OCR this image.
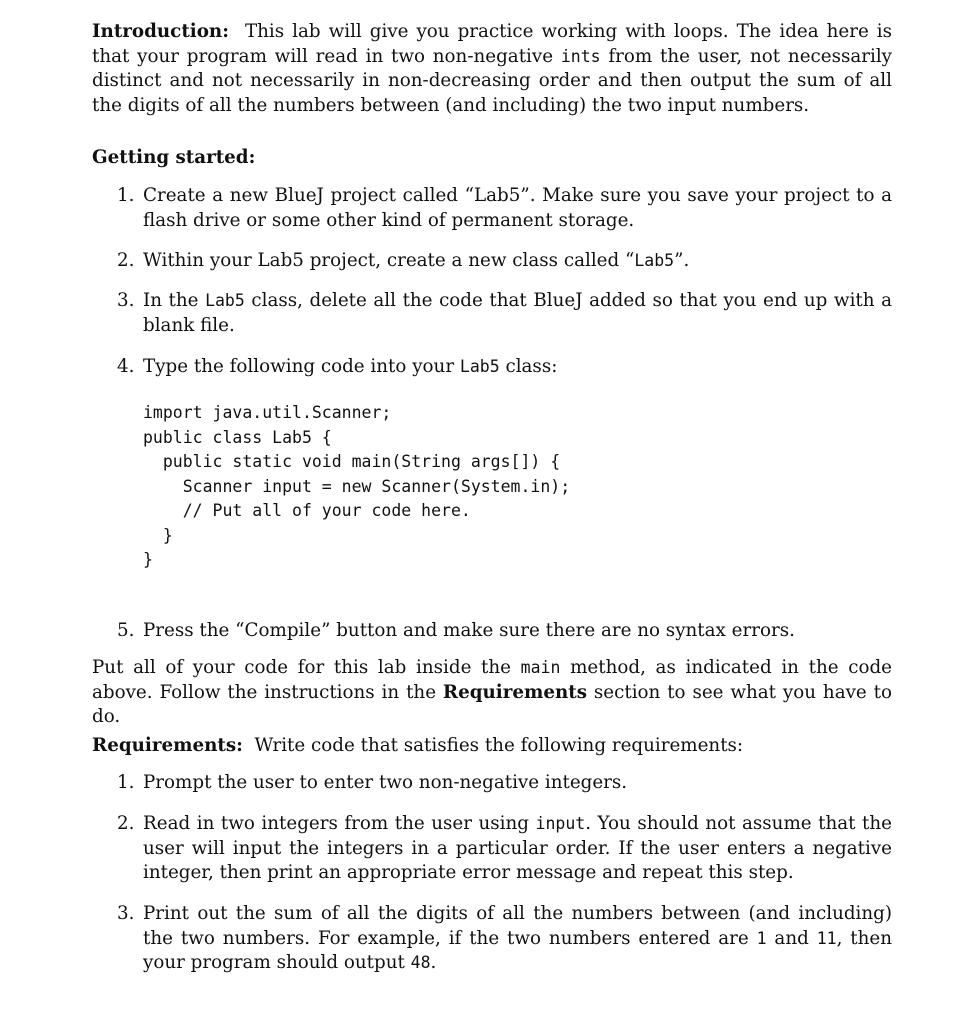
Introduction: This lab will give you practice working with loops. The idea here is that your program will read in two non-negative ints from the user, not necessarily distinct and not necessarily in non-decreasing order and then output the sum of all the digits of all the numbers between (and including) the two input numbers.

Getting started:

1. Create a new BlueJ project called “Lab5”. Make sure you save your project to a flash drive or some other kind of permanent storage.
2. Within your Lab5 project, create a new class called “Lab5”.
3. In the Lab5 class, delete all the code that BlueJ added so that you end up with a blank file.
4. Type the following code into your Lab5 class:
import java.util.Scanner;
public class Lab5 {
public static void main(String args[]) {
Scanner input = new Scanner(System.in);
// Put all of your code here.
}
}
5. Press the “Compile” button and make sure there are no syntax errors.

Put all of your code for this lab inside the main method, as indicated in the code above. Follow the instructions in the Requirements section to see what you have to do.

Requirements: Write code that satisfies the following requirements:

1. Prompt the user to enter two non-negative integers.
2. Read in two integers from the user using input. You should not assume that the user will input the integers in a particular order. If the user enters a negative integer, then print an appropriate error message and repeat this step.
3. Print out the sum of all the digits of all the numbers between (and including) the two numbers. For example, if the two numbers entered are 1 and 11, then your program should output 48.
